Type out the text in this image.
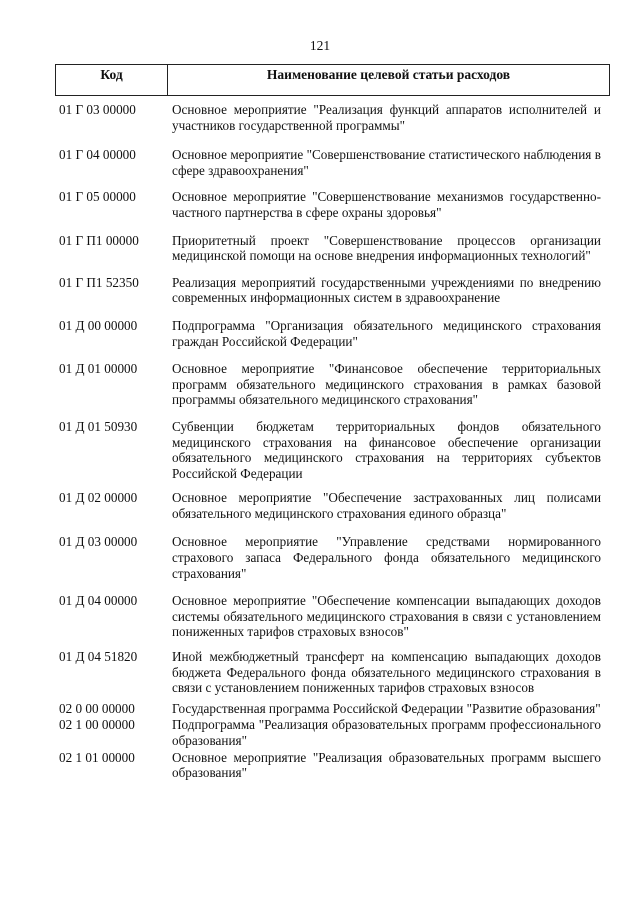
121
Код	Наименование целевой статьи расходов
01 Г 03 00000	Основное мероприятие "Реализация функций аппаратов исполнителей и участников государственной программы"
01 Г 04 00000	Основное мероприятие "Совершенствование статистического наблюдения в сфере здравоохранения"
01 Г 05 00000	Основное мероприятие "Совершенствование механизмов государственно-частного партнерства в сфере охраны здоровья"
01 Г П1 00000	Приоритетный проект "Совершенствование процессов организации медицинской помощи на основе внедрения информационных технологий"
01 Г П1 52350	Реализация мероприятий государственными учреждениями по внедрению современных информационных систем в здравоохранение
01 Д 00 00000	Подпрограмма "Организация обязательного медицинского страхования граждан Российской Федерации"
01 Д 01 00000	Основное мероприятие "Финансовое обеспечение территориальных программ обязательного медицинского страхования в рамках базовой программы обязательного медицинского страхования"
01 Д 01 50930	Субвенции бюджетам территориальных фондов обязательного медицинского страхования на финансовое обеспечение организации обязательного медицинского страхования на территориях субъектов Российской Федерации
01 Д 02 00000	Основное мероприятие "Обеспечение застрахованных лиц полисами обязательного медицинского страхования единого образца"
01 Д 03 00000	Основное мероприятие "Управление средствами нормированного страхового запаса Федерального фонда обязательного медицинского страхования"
01 Д 04 00000	Основное мероприятие "Обеспечение компенсации выпадающих доходов системы обязательного медицинского страхования в связи с установлением пониженных тарифов страховых взносов"
01 Д 04 51820	Иной межбюджетный трансферт на компенсацию выпадающих доходов бюджета Федерального фонда обязательного медицинского страхования в связи с установлением пониженных тарифов страховых взносов
02 0 00 00000	Государственная программа Российской Федерации "Развитие образования"
02 1 00 00000	Подпрограмма "Реализация образовательных программ профессионального образования"
02 1 01 00000	Основное мероприятие "Реализация образовательных программ высшего образования"
